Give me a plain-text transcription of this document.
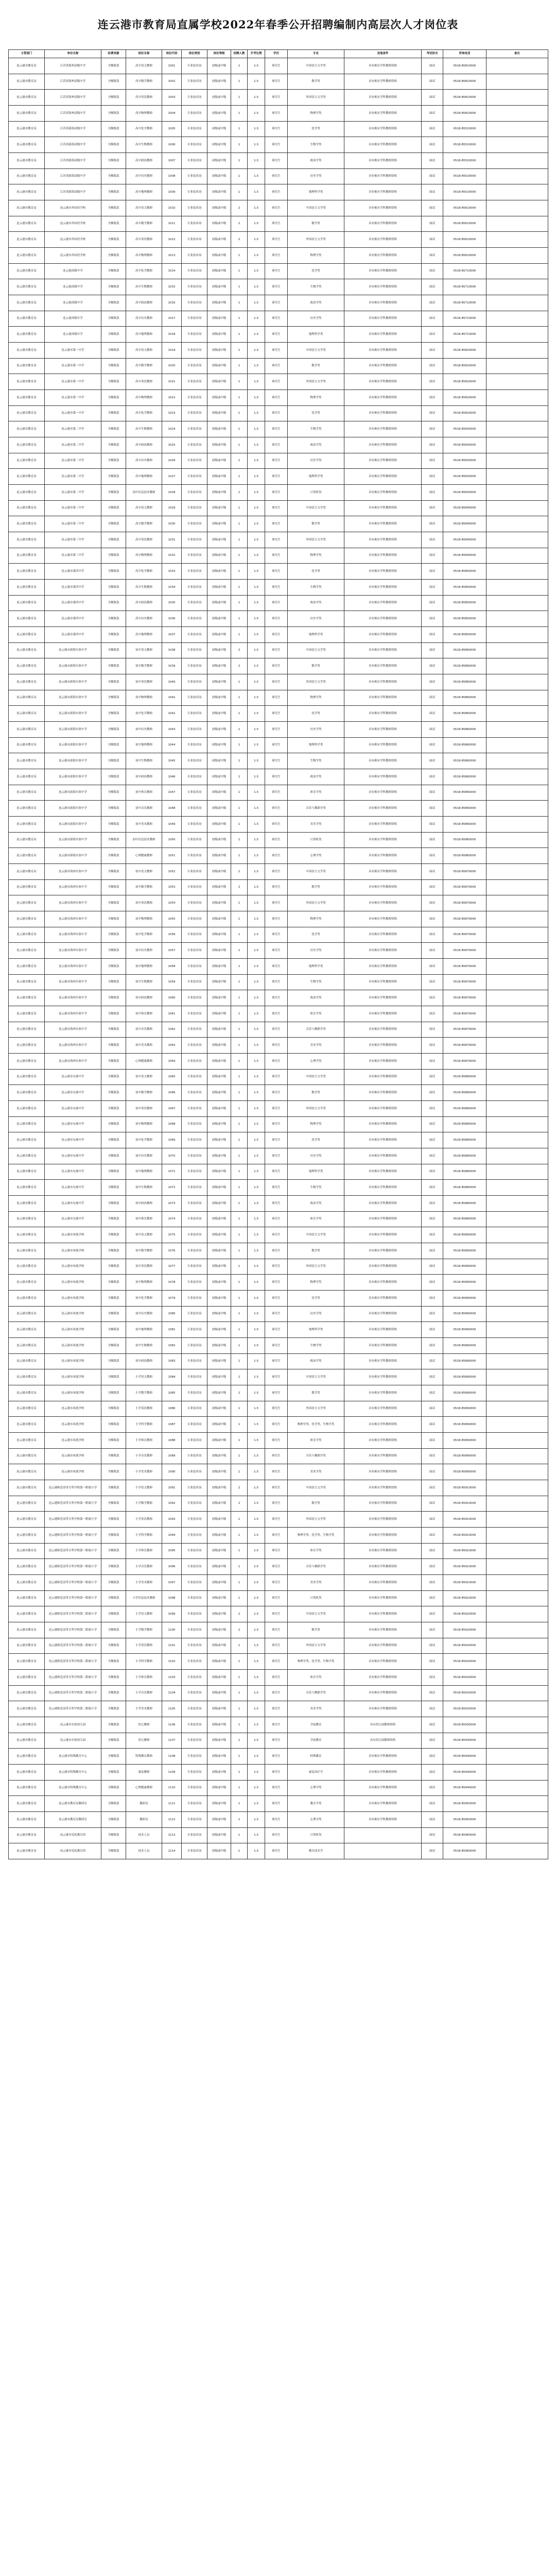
连云港市教育局直属学校2022年春季公开招聘编制内高层次人才岗位表
主管部门	单位名称	经费来源	岗位名称	岗位代码	岗位类别	岗位等级	招聘人数	开考比例	学历	专业	其他条件	考试形式	咨询电话	备注
连云港市教育局	江苏省海州高级中学	全额拨款	高中语文教师	1001	专业技术岗	初级或中级	1	1:3	研究生	中国语言文学类	具有相应学科教师资格	面试	0518-85810000	
连云港市教育局	江苏省海州高级中学	全额拨款	高中数学教师	1002	专业技术岗	初级或中级	1	1:3	研究生	数学类	具有相应学科教师资格	面试	0518-85810000	
连云港市教育局	江苏省海州高级中学	全额拨款	高中英语教师	1003	专业技术岗	初级或中级	1	1:3	研究生	外国语言文学类	具有相应学科教师资格	面试	0518-85810000	
连云港市教育局	江苏省海州高级中学	全额拨款	高中物理教师	1004	专业技术岗	初级或中级	1	1:3	研究生	物理学类	具有相应学科教师资格	面试	0518-85810000	
连云港市教育局	江苏省新海高级中学	全额拨款	高中化学教师	1005	专业技术岗	初级或中级	1	1:3	研究生	化学类	具有相应学科教师资格	面试	0518-85520000	
连云港市教育局	江苏省新海高级中学	全额拨款	高中生物教师	1006	专业技术岗	初级或中级	1	1:3	研究生	生物学类	具有相应学科教师资格	面试	0518-85520000	
连云港市教育局	江苏省新海高级中学	全额拨款	高中政治教师	1007	专业技术岗	初级或中级	1	1:3	研究生	政治学类	具有相应学科教师资格	面试	0518-85520000	
连云港市教育局	江苏省新海高级中学	全额拨款	高中历史教师	1008	专业技术岗	初级或中级	1	1:3	研究生	历史学类	具有相应学科教师资格	面试	0518-85520000	
连云港市教育局	江苏省新海高级中学	全额拨款	高中地理教师	1009	专业技术岗	初级或中级	1	1:3	研究生	地理科学类	具有相应学科教师资格	面试	0518-85520000	
连云港市教育局	连云港市外国语学校	全额拨款	高中语文教师	1010	专业技术岗	初级或中级	2	1:3	研究生	中国语言文学类	具有相应学科教师资格	面试	0518-85610000	
连云港市教育局	连云港市外国语学校	全额拨款	高中数学教师	1011	专业技术岗	初级或中级	2	1:3	研究生	数学类	具有相应学科教师资格	面试	0518-85610000	
连云港市教育局	连云港市外国语学校	全额拨款	高中英语教师	1012	专业技术岗	初级或中级	2	1:3	研究生	外国语言文学类	具有相应学科教师资格	面试	0518-85610000	
连云港市教育局	连云港市外国语学校	全额拨款	高中物理教师	1013	专业技术岗	初级或中级	1	1:3	研究生	物理学类	具有相应学科教师资格	面试	0518-85610000	
连云港市教育局	连云港高级中学	全额拨款	高中化学教师	1014	专业技术岗	初级或中级	1	1:3	研究生	化学类	具有相应学科教师资格	面试	0518-85710000	
连云港市教育局	连云港高级中学	全额拨款	高中生物教师	1015	专业技术岗	初级或中级	1	1:3	研究生	生物学类	具有相应学科教师资格	面试	0518-85710000	
连云港市教育局	连云港高级中学	全额拨款	高中政治教师	1016	专业技术岗	初级或中级	1	1:3	研究生	政治学类	具有相应学科教师资格	面试	0518-85710000	
连云港市教育局	连云港高级中学	全额拨款	高中历史教师	1017	专业技术岗	初级或中级	1	1:3	研究生	历史学类	具有相应学科教师资格	面试	0518-85710000	
连云港市教育局	连云港高级中学	全额拨款	高中地理教师	1018	专业技术岗	初级或中级	1	1:3	研究生	地理科学类	具有相应学科教师资格	面试	0518-85710000	
连云港市教育局	连云港市第一中学	全额拨款	高中语文教师	1019	专业技术岗	初级或中级	1	1:3	研究生	中国语言文学类	具有相应学科教师资格	面试	0518-85820000	
连云港市教育局	连云港市第一中学	全额拨款	高中数学教师	1020	专业技术岗	初级或中级	1	1:3	研究生	数学类	具有相应学科教师资格	面试	0518-85820000	
连云港市教育局	连云港市第一中学	全额拨款	高中英语教师	1021	专业技术岗	初级或中级	1	1:3	研究生	外国语言文学类	具有相应学科教师资格	面试	0518-85820000	
连云港市教育局	连云港市第一中学	全额拨款	高中物理教师	1022	专业技术岗	初级或中级	1	1:3	研究生	物理学类	具有相应学科教师资格	面试	0518-85820000	
连云港市教育局	连云港市第一中学	全额拨款	高中化学教师	1023	专业技术岗	初级或中级	1	1:3	研究生	化学类	具有相应学科教师资格	面试	0518-85820000	
连云港市教育局	连云港市第二中学	全额拨款	高中生物教师	1024	专业技术岗	初级或中级	1	1:3	研究生	生物学类	具有相应学科教师资格	面试	0518-85830000	
连云港市教育局	连云港市第二中学	全额拨款	高中政治教师	1025	专业技术岗	初级或中级	1	1:3	研究生	政治学类	具有相应学科教师资格	面试	0518-85830000	
连云港市教育局	连云港市第二中学	全额拨款	高中历史教师	1026	专业技术岗	初级或中级	1	1:3	研究生	历史学类	具有相应学科教师资格	面试	0518-85830000	
连云港市教育局	连云港市第二中学	全额拨款	高中地理教师	1027	专业技术岗	初级或中级	1	1:3	研究生	地理科学类	具有相应学科教师资格	面试	0518-85830000	
连云港市教育局	连云港市第二中学	全额拨款	高中信息技术教师	1028	专业技术岗	初级或中级	1	1:3	研究生	计算机类	具有相应学科教师资格	面试	0518-85830000	
连云港市教育局	连云港市第三中学	全额拨款	高中语文教师	1029	专业技术岗	初级或中级	1	1:3	研究生	中国语言文学类	具有相应学科教师资格	面试	0518-85840000	
连云港市教育局	连云港市第三中学	全额拨款	高中数学教师	1030	专业技术岗	初级或中级	1	1:3	研究生	数学类	具有相应学科教师资格	面试	0518-85840000	
连云港市教育局	连云港市第三中学	全额拨款	高中英语教师	1031	专业技术岗	初级或中级	1	1:3	研究生	外国语言文学类	具有相应学科教师资格	面试	0518-85840000	
连云港市教育局	连云港市第三中学	全额拨款	高中物理教师	1032	专业技术岗	初级或中级	1	1:3	研究生	物理学类	具有相应学科教师资格	面试	0518-85840000	
连云港市教育局	连云港市第四中学	全额拨款	高中化学教师	1033	专业技术岗	初级或中级	1	1:3	研究生	化学类	具有相应学科教师资格	面试	0518-85850000	
连云港市教育局	连云港市第四中学	全额拨款	高中生物教师	1034	专业技术岗	初级或中级	1	1:3	研究生	生物学类	具有相应学科教师资格	面试	0518-85850000	
连云港市教育局	连云港市第四中学	全额拨款	高中政治教师	1035	专业技术岗	初级或中级	1	1:3	研究生	政治学类	具有相应学科教师资格	面试	0518-85850000	
连云港市教育局	连云港市第四中学	全额拨款	高中历史教师	1036	专业技术岗	初级或中级	1	1:3	研究生	历史学类	具有相应学科教师资格	面试	0518-85850000	
连云港市教育局	连云港市第四中学	全额拨款	高中地理教师	1037	专业技术岗	初级或中级	1	1:3	研究生	地理科学类	具有相应学科教师资格	面试	0518-85850000	
连云港市教育局	连云港市新海实验中学	全额拨款	初中语文教师	1038	专业技术岗	初级或中级	2	1:3	研究生	中国语言文学类	具有相应学科教师资格	面试	0518-85860000	
连云港市教育局	连云港市新海实验中学	全额拨款	初中数学教师	1039	专业技术岗	初级或中级	2	1:3	研究生	数学类	具有相应学科教师资格	面试	0518-85860000	
连云港市教育局	连云港市新海实验中学	全额拨款	初中英语教师	1040	专业技术岗	初级或中级	1	1:3	研究生	外国语言文学类	具有相应学科教师资格	面试	0518-85860000	
连云港市教育局	连云港市新海实验中学	全额拨款	初中物理教师	1041	专业技术岗	初级或中级	1	1:3	研究生	物理学类	具有相应学科教师资格	面试	0518-85860000	
连云港市教育局	连云港市新海实验中学	全额拨款	初中化学教师	1042	专业技术岗	初级或中级	1	1:3	研究生	化学类	具有相应学科教师资格	面试	0518-85860000	
连云港市教育局	连云港市新海实验中学	全额拨款	初中历史教师	1043	专业技术岗	初级或中级	1	1:3	研究生	历史学类	具有相应学科教师资格	面试	0518-85860000	
连云港市教育局	连云港市新海实验中学	全额拨款	初中地理教师	1044	专业技术岗	初级或中级	1	1:3	研究生	地理科学类	具有相应学科教师资格	面试	0518-85860000	
连云港市教育局	连云港市新海实验中学	全额拨款	初中生物教师	1045	专业技术岗	初级或中级	1	1:3	研究生	生物学类	具有相应学科教师资格	面试	0518-85860000	
连云港市教育局	连云港市新海实验中学	全额拨款	初中政治教师	1046	专业技术岗	初级或中级	1	1:3	研究生	政治学类	具有相应学科教师资格	面试	0518-85860000	
连云港市教育局	连云港市新海实验中学	全额拨款	初中体育教师	1047	专业技术岗	初级或中级	1	1:3	研究生	体育学类	具有相应学科教师资格	面试	0518-85860000	
连云港市教育局	连云港市新海实验中学	全额拨款	初中音乐教师	1048	专业技术岗	初级或中级	1	1:3	研究生	音乐与舞蹈学类	具有相应学科教师资格	面试	0518-85860000	
连云港市教育局	连云港市新海实验中学	全额拨款	初中美术教师	1049	专业技术岗	初级或中级	1	1:3	研究生	美术学类	具有相应学科教师资格	面试	0518-85860000	
连云港市教育局	连云港市新海实验中学	全额拨款	初中信息技术教师	1050	专业技术岗	初级或中级	1	1:3	研究生	计算机类	具有相应学科教师资格	面试	0518-85860000	
连云港市教育局	连云港市新海实验中学	全额拨款	心理健康教师	1051	专业技术岗	初级或中级	1	1:3	研究生	心理学类	具有相应学科教师资格	面试	0518-85860000	
连云港市教育局	连云港市海州实验中学	全额拨款	初中语文教师	1052	专业技术岗	初级或中级	2	1:3	研究生	中国语言文学类	具有相应学科教师资格	面试	0518-85870000	
连云港市教育局	连云港市海州实验中学	全额拨款	初中数学教师	1053	专业技术岗	初级或中级	2	1:3	研究生	数学类	具有相应学科教师资格	面试	0518-85870000	
连云港市教育局	连云港市海州实验中学	全额拨款	初中英语教师	1054	专业技术岗	初级或中级	1	1:3	研究生	外国语言文学类	具有相应学科教师资格	面试	0518-85870000	
连云港市教育局	连云港市海州实验中学	全额拨款	初中物理教师	1055	专业技术岗	初级或中级	1	1:3	研究生	物理学类	具有相应学科教师资格	面试	0518-85870000	
连云港市教育局	连云港市海州实验中学	全额拨款	初中化学教师	1056	专业技术岗	初级或中级	1	1:3	研究生	化学类	具有相应学科教师资格	面试	0518-85870000	
连云港市教育局	连云港市海州实验中学	全额拨款	初中历史教师	1057	专业技术岗	初级或中级	1	1:3	研究生	历史学类	具有相应学科教师资格	面试	0518-85870000	
连云港市教育局	连云港市海州实验中学	全额拨款	初中地理教师	1058	专业技术岗	初级或中级	1	1:3	研究生	地理科学类	具有相应学科教师资格	面试	0518-85870000	
连云港市教育局	连云港市海州实验中学	全额拨款	初中生物教师	1059	专业技术岗	初级或中级	1	1:3	研究生	生物学类	具有相应学科教师资格	面试	0518-85870000	
连云港市教育局	连云港市海州实验中学	全额拨款	初中政治教师	1060	专业技术岗	初级或中级	1	1:3	研究生	政治学类	具有相应学科教师资格	面试	0518-85870000	
连云港市教育局	连云港市海州实验中学	全额拨款	初中体育教师	1061	专业技术岗	初级或中级	1	1:3	研究生	体育学类	具有相应学科教师资格	面试	0518-85870000	
连云港市教育局	连云港市海州实验中学	全额拨款	初中音乐教师	1062	专业技术岗	初级或中级	1	1:3	研究生	音乐与舞蹈学类	具有相应学科教师资格	面试	0518-85870000	
连云港市教育局	连云港市海州实验中学	全额拨款	初中美术教师	1063	专业技术岗	初级或中级	1	1:3	研究生	美术学类	具有相应学科教师资格	面试	0518-85870000	
连云港市教育局	连云港市海州实验中学	全额拨款	心理健康教师	1064	专业技术岗	初级或中级	1	1:3	研究生	心理学类	具有相应学科教师资格	面试	0518-85870000	
连云港市教育局	连云港市东港中学	全额拨款	初中语文教师	1065	专业技术岗	初级或中级	1	1:3	研究生	中国语言文学类	具有相应学科教师资格	面试	0518-85880000	
连云港市教育局	连云港市东港中学	全额拨款	初中数学教师	1066	专业技术岗	初级或中级	1	1:3	研究生	数学类	具有相应学科教师资格	面试	0518-85880000	
连云港市教育局	连云港市东港中学	全额拨款	初中英语教师	1067	专业技术岗	初级或中级	1	1:3	研究生	外国语言文学类	具有相应学科教师资格	面试	0518-85880000	
连云港市教育局	连云港市东港中学	全额拨款	初中物理教师	1068	专业技术岗	初级或中级	1	1:3	研究生	物理学类	具有相应学科教师资格	面试	0518-85880000	
连云港市教育局	连云港市东港中学	全额拨款	初中化学教师	1069	专业技术岗	初级或中级	1	1:3	研究生	化学类	具有相应学科教师资格	面试	0518-85880000	
连云港市教育局	连云港市东港中学	全额拨款	初中历史教师	1070	专业技术岗	初级或中级	1	1:3	研究生	历史学类	具有相应学科教师资格	面试	0518-85880000	
连云港市教育局	连云港市东港中学	全额拨款	初中地理教师	1071	专业技术岗	初级或中级	1	1:3	研究生	地理科学类	具有相应学科教师资格	面试	0518-85880000	
连云港市教育局	连云港市东港中学	全额拨款	初中生物教师	1072	专业技术岗	初级或中级	1	1:3	研究生	生物学类	具有相应学科教师资格	面试	0518-85880000	
连云港市教育局	连云港市东港中学	全额拨款	初中政治教师	1073	专业技术岗	初级或中级	1	1:3	研究生	政治学类	具有相应学科教师资格	面试	0518-85880000	
连云港市教育局	连云港市东港中学	全额拨款	初中体育教师	1074	专业技术岗	初级或中级	1	1:3	研究生	体育学类	具有相应学科教师资格	面试	0518-85880000	
连云港市教育局	连云港市凤凰学校	全额拨款	初中语文教师	1075	专业技术岗	初级或中级	1	1:3	研究生	中国语言文学类	具有相应学科教师资格	面试	0518-85890000	
连云港市教育局	连云港市凤凰学校	全额拨款	初中数学教师	1076	专业技术岗	初级或中级	1	1:3	研究生	数学类	具有相应学科教师资格	面试	0518-85890000	
连云港市教育局	连云港市凤凰学校	全额拨款	初中英语教师	1077	专业技术岗	初级或中级	1	1:3	研究生	外国语言文学类	具有相应学科教师资格	面试	0518-85890000	
连云港市教育局	连云港市凤凰学校	全额拨款	初中物理教师	1078	专业技术岗	初级或中级	1	1:3	研究生	物理学类	具有相应学科教师资格	面试	0518-85890000	
连云港市教育局	连云港市凤凰学校	全额拨款	初中化学教师	1079	专业技术岗	初级或中级	1	1:3	研究生	化学类	具有相应学科教师资格	面试	0518-85890000	
连云港市教育局	连云港市凤凰学校	全额拨款	初中历史教师	1080	专业技术岗	初级或中级	1	1:3	研究生	历史学类	具有相应学科教师资格	面试	0518-85890000	
连云港市教育局	连云港市凤凰学校	全额拨款	初中地理教师	1081	专业技术岗	初级或中级	1	1:3	研究生	地理科学类	具有相应学科教师资格	面试	0518-85890000	
连云港市教育局	连云港市凤凰学校	全额拨款	初中生物教师	1082	专业技术岗	初级或中级	1	1:3	研究生	生物学类	具有相应学科教师资格	面试	0518-85890000	
连云港市教育局	连云港市凤凰学校	全额拨款	初中政治教师	1083	专业技术岗	初级或中级	1	1:3	研究生	政治学类	具有相应学科教师资格	面试	0518-85890000	
连云港市教育局	连云港市凤凰学校	全额拨款	小学语文教师	1084	专业技术岗	初级或中级	2	1:3	研究生	中国语言文学类	具有相应学科教师资格	面试	0518-85890000	
连云港市教育局	连云港市凤凰学校	全额拨款	小学数学教师	1085	专业技术岗	初级或中级	2	1:3	研究生	数学类	具有相应学科教师资格	面试	0518-85890000	
连云港市教育局	连云港市凤凰学校	全额拨款	小学英语教师	1086	专业技术岗	初级或中级	1	1:3	研究生	外国语言文学类	具有相应学科教师资格	面试	0518-85890000	
连云港市教育局	连云港市凤凰学校	全额拨款	小学科学教师	1087	专业技术岗	初级或中级	1	1:3	研究生	物理学类、化学类、生物学类	具有相应学科教师资格	面试	0518-85890000	
连云港市教育局	连云港市凤凰学校	全额拨款	小学体育教师	1088	专业技术岗	初级或中级	1	1:3	研究生	体育学类	具有相应学科教师资格	面试	0518-85890000	
连云港市教育局	连云港市凤凰学校	全额拨款	小学音乐教师	1089	专业技术岗	初级或中级	1	1:3	研究生	音乐与舞蹈学类	具有相应学科教师资格	面试	0518-85890000	
连云港市教育局	连云港市凤凰学校	全额拨款	小学美术教师	1090	专业技术岗	初级或中级	1	1:3	研究生	美术学类	具有相应学科教师资格	面试	0518-85890000	
连云港市教育局	连云港师范高等专科学校第一附属小学	全额拨款	小学语文教师	1091	专业技术岗	初级或中级	2	1:3	研究生	中国语言文学类	具有相应学科教师资格	面试	0518-85910000	
连云港市教育局	连云港师范高等专科学校第一附属小学	全额拨款	小学数学教师	1092	专业技术岗	初级或中级	2	1:3	研究生	数学类	具有相应学科教师资格	面试	0518-85910000	
连云港市教育局	连云港师范高等专科学校第一附属小学	全额拨款	小学英语教师	1093	专业技术岗	初级或中级	1	1:3	研究生	外国语言文学类	具有相应学科教师资格	面试	0518-85910000	
连云港市教育局	连云港师范高等专科学校第一附属小学	全额拨款	小学科学教师	1094	专业技术岗	初级或中级	1	1:3	研究生	物理学类、化学类、生物学类	具有相应学科教师资格	面试	0518-85910000	
连云港市教育局	连云港师范高等专科学校第一附属小学	全额拨款	小学体育教师	1095	专业技术岗	初级或中级	1	1:3	研究生	体育学类	具有相应学科教师资格	面试	0518-85910000	
连云港市教育局	连云港师范高等专科学校第一附属小学	全额拨款	小学音乐教师	1096	专业技术岗	初级或中级	1	1:3	研究生	音乐与舞蹈学类	具有相应学科教师资格	面试	0518-85910000	
连云港市教育局	连云港师范高等专科学校第一附属小学	全额拨款	小学美术教师	1097	专业技术岗	初级或中级	1	1:3	研究生	美术学类	具有相应学科教师资格	面试	0518-85910000	
连云港市教育局	连云港师范高等专科学校第一附属小学	全额拨款	小学信息技术教师	1098	专业技术岗	初级或中级	1	1:3	研究生	计算机类	具有相应学科教师资格	面试	0518-85910000	
连云港市教育局	连云港师范高等专科学校第二附属小学	全额拨款	小学语文教师	1099	专业技术岗	初级或中级	2	1:3	研究生	中国语言文学类	具有相应学科教师资格	面试	0518-85920000	
连云港市教育局	连云港师范高等专科学校第二附属小学	全额拨款	小学数学教师	1100	专业技术岗	初级或中级	2	1:3	研究生	数学类	具有相应学科教师资格	面试	0518-85920000	
连云港市教育局	连云港师范高等专科学校第二附属小学	全额拨款	小学英语教师	1101	专业技术岗	初级或中级	1	1:3	研究生	外国语言文学类	具有相应学科教师资格	面试	0518-85920000	
连云港市教育局	连云港师范高等专科学校第二附属小学	全额拨款	小学科学教师	1102	专业技术岗	初级或中级	1	1:3	研究生	物理学类、化学类、生物学类	具有相应学科教师资格	面试	0518-85920000	
连云港市教育局	连云港师范高等专科学校第二附属小学	全额拨款	小学体育教师	1103	专业技术岗	初级或中级	1	1:3	研究生	体育学类	具有相应学科教师资格	面试	0518-85920000	
连云港市教育局	连云港师范高等专科学校第二附属小学	全额拨款	小学音乐教师	1104	专业技术岗	初级或中级	1	1:3	研究生	音乐与舞蹈学类	具有相应学科教师资格	面试	0518-85920000	
连云港市教育局	连云港师范高等专科学校第二附属小学	全额拨款	小学美术教师	1105	专业技术岗	初级或中级	1	1:3	研究生	美术学类	具有相应学科教师资格	面试	0518-85920000	
连云港市教育局	连云港市实验幼儿园	全额拨款	幼儿教师	1106	专业技术岗	初级或中级	1	1:3	研究生	学前教育	具有幼儿园教师资格	面试	0518-85930000	
连云港市教育局	连云港市实验幼儿园	全额拨款	幼儿教师	1107	专业技术岗	初级或中级	1	1:3	研究生	学前教育	具有幼儿园教师资格	面试	0518-85930000	
连云港市教育局	连云港市特殊教育中心	全额拨款	特殊教育教师	1108	专业技术岗	初级或中级	1	1:3	研究生	特殊教育	具有相应学科教师资格	面试	0518-85940000	
连云港市教育局	连云港市特殊教育中心	全额拨款	康复教师	1109	专业技术岗	初级或中级	1	1:3	研究生	康复治疗学	具有相应学科教师资格	面试	0518-85940000	
连云港市教育局	连云港市特殊教育中心	全额拨款	心理健康教师	1110	专业技术岗	初级或中级	1	1:3	研究生	心理学类	具有相应学科教师资格	面试	0518-85940000	
连云港市教育局	连云港市教育局教研室	全额拨款	教研员	1111	专业技术岗	初级或中级	1	1:3	研究生	教育学类	具有相应学科教师资格	面试	0518-85950000	
连云港市教育局	连云港市教育局教研室	全额拨款	教研员	1112	专业技术岗	初级或中级	1	1:3	研究生	心理学类	具有相应学科教师资格	面试	0518-85950000	
连云港市教育局	连云港市电化教育馆	全额拨款	技术人员	1113	专业技术岗	初级或中级	1	1:3	研究生	计算机类		面试	0518-85960000	
连云港市教育局	连云港市电化教育馆	全额拨款	技术人员	1114	专业技术岗	初级或中级	1	1:3	研究生	教育技术学		面试	0518-85960000	
